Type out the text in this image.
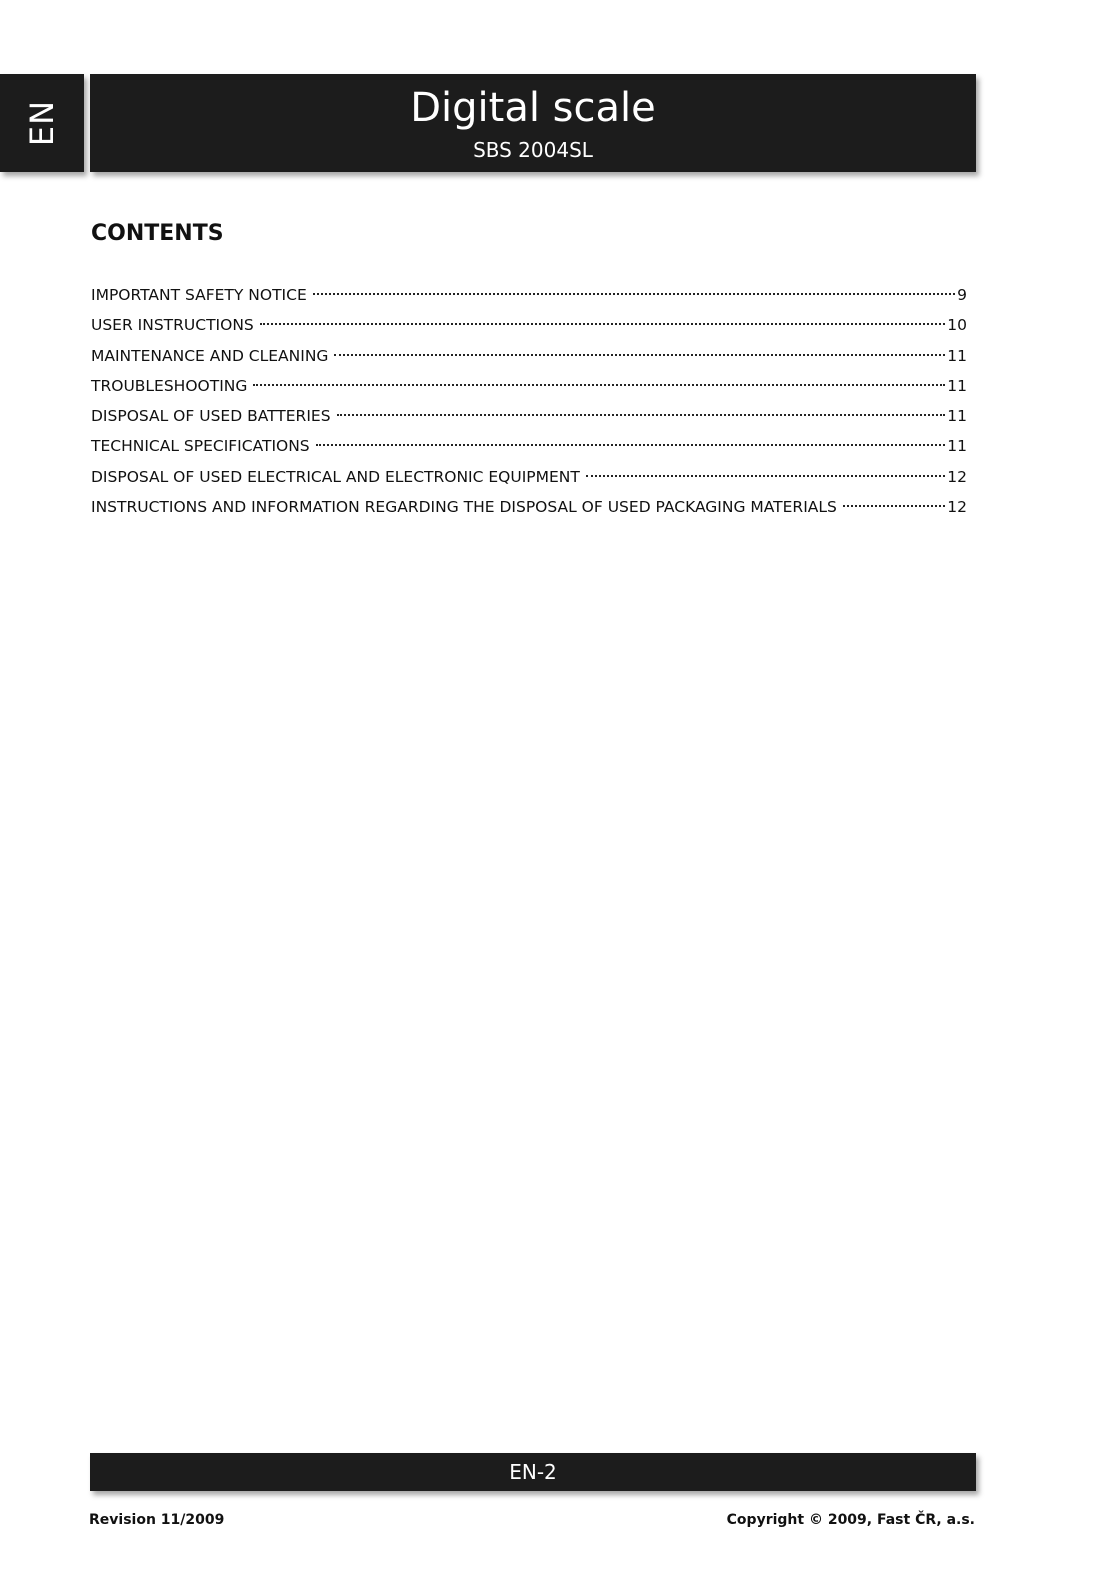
EN	Digital scale
SBS 2004SL
CONTENTS
IMPORTANT SAFETY NOTICE	9
USER INSTRUCTIONS	10
MAINTENANCE AND CLEANING	11
TROUBLESHOOTING	11
DISPOSAL OF USED BATTERIES	11
TECHNICAL SPECIFICATIONS	11
DISPOSAL OF USED ELECTRICAL AND ELECTRONIC EQUIPMENT	12
INSTRUCTIONS AND INFORMATION REGARDING THE DISPOSAL OF USED PACKAGING MATERIALS	12
EN-2
Revision 11/2009	Copyright © 2009, Fast ČR, a.s.
